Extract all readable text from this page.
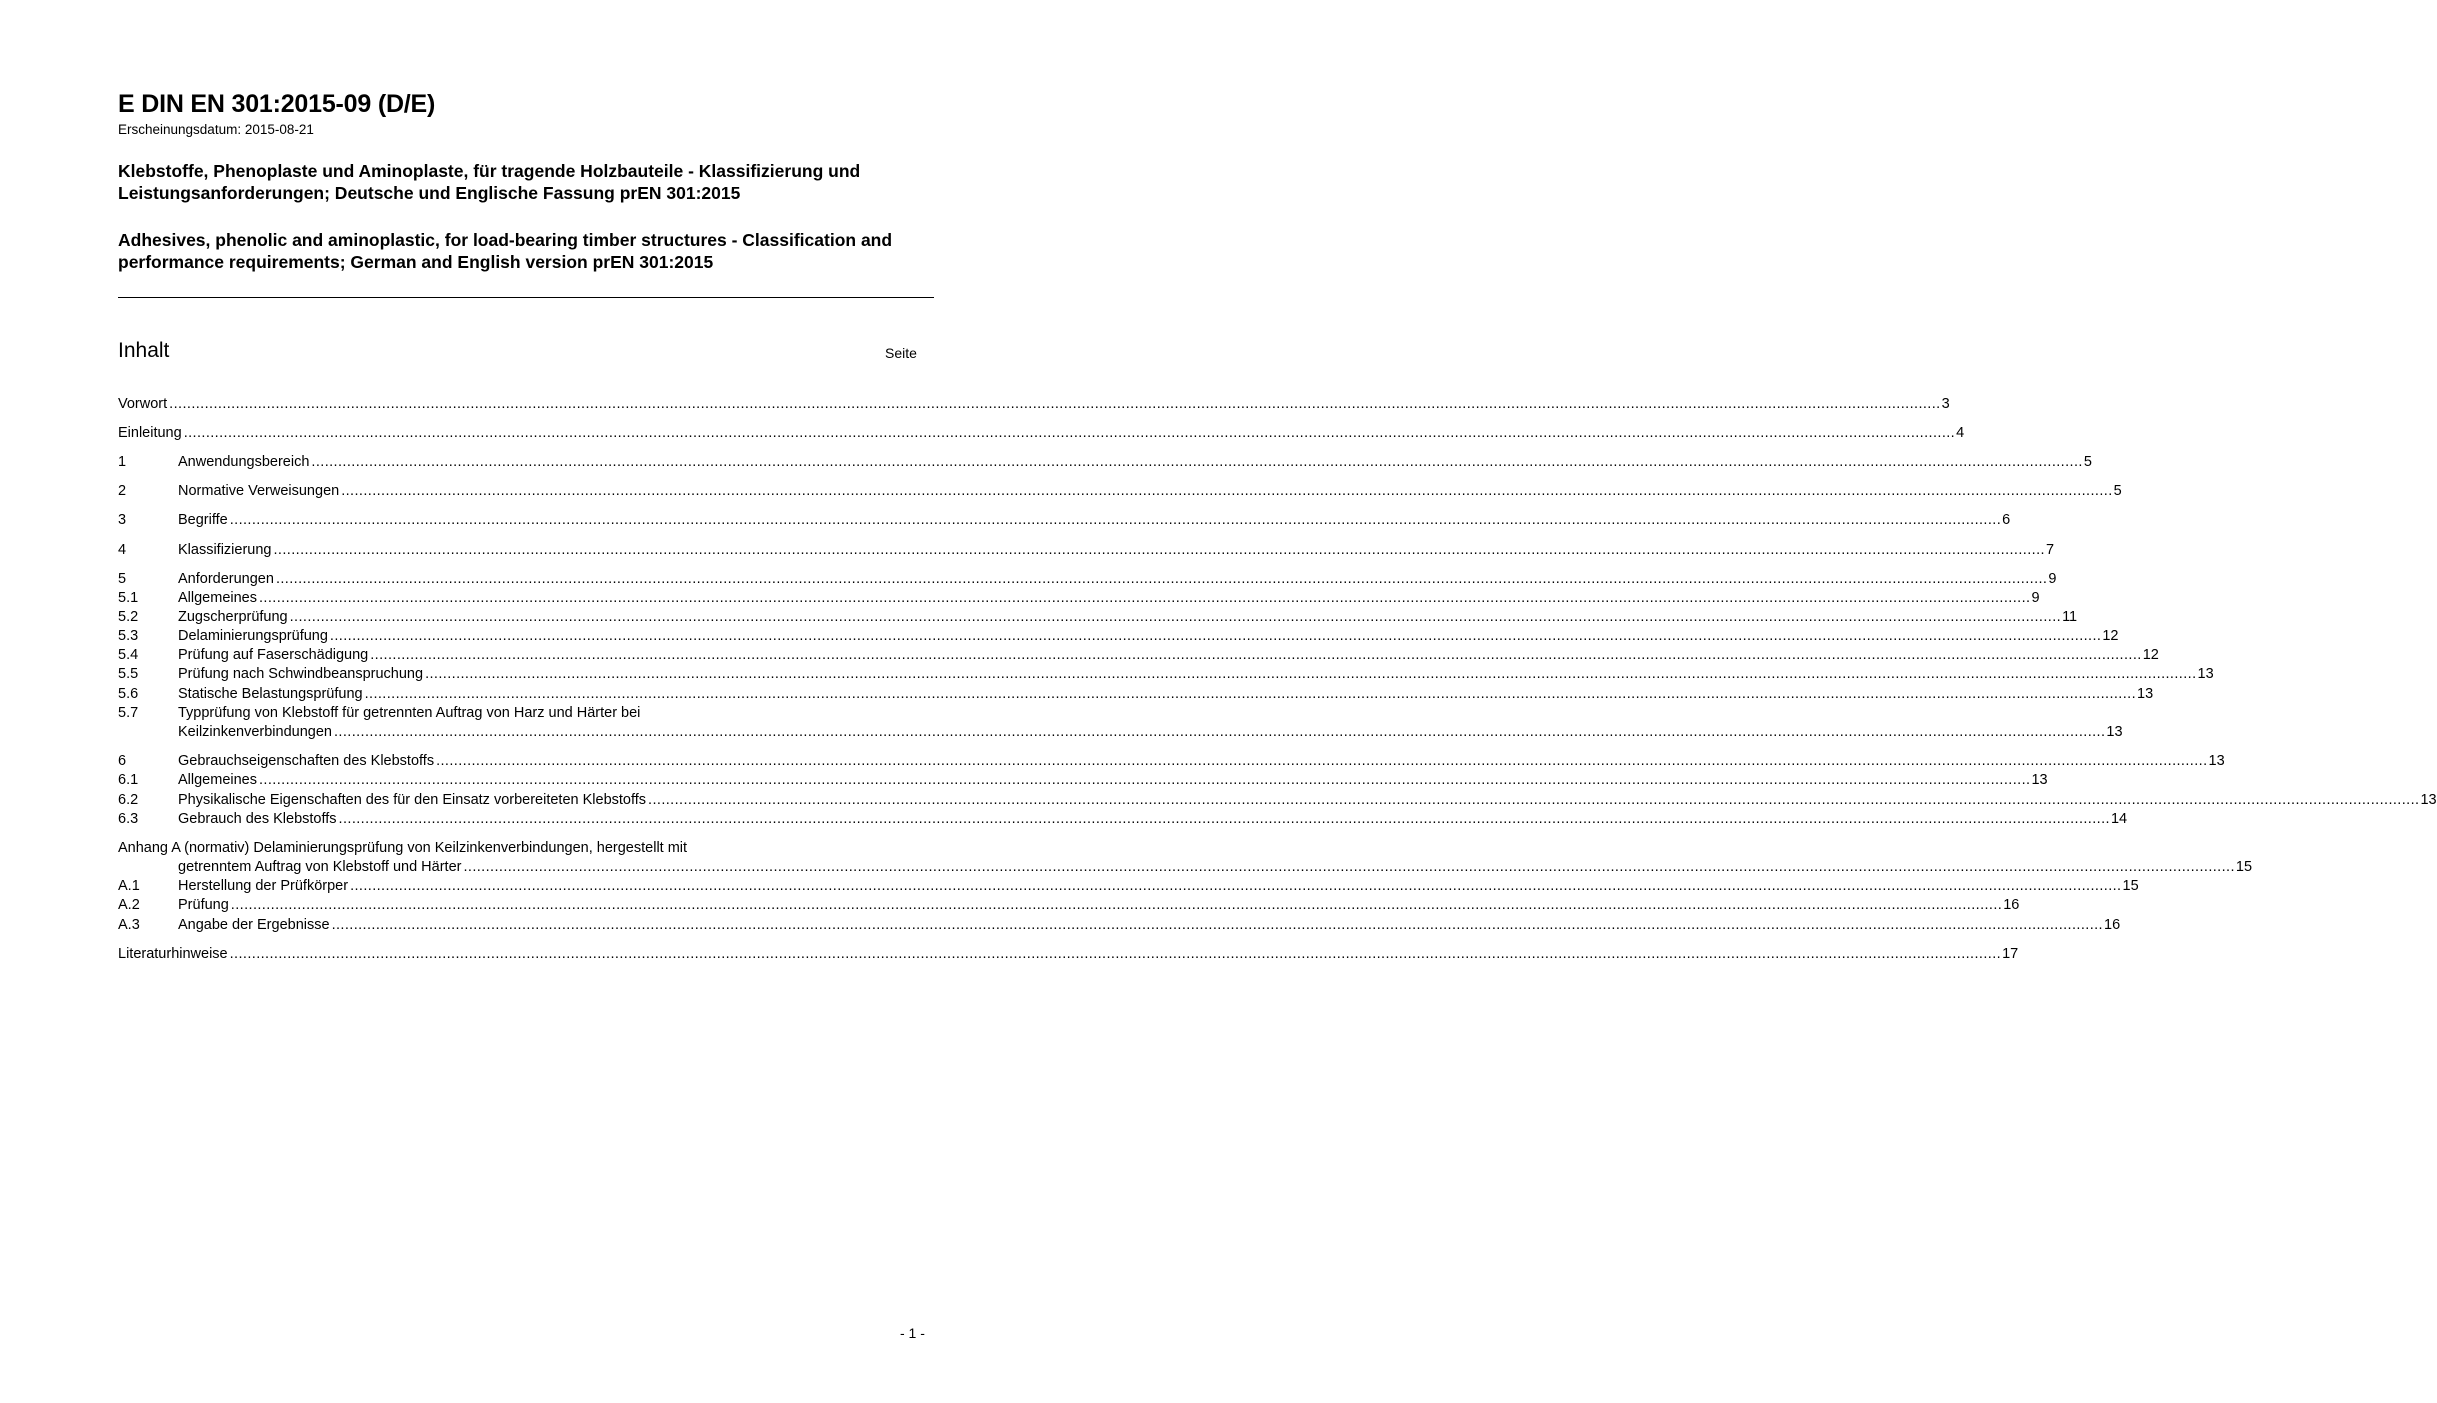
E DIN EN 301:2015-09 (D/E)
Erscheinungsdatum: 2015-08-21
Klebstoffe, Phenoplaste und Aminoplaste, für tragende Holzbauteile - Klassifizierung und Leistungsanforderungen; Deutsche und Englische Fassung prEN 301:2015
Adhesives, phenolic and aminoplastic, for load-bearing timber structures - Classification and performance requirements; German and English version prEN 301:2015
Inhalt	Seite
Vorwort ................................................................................................................................................................................................................................................................................................................................................................................................................ 3
Einleitung ................................................................................................................................................................................................................................................................................................................................................................................................................ 4
1	Anwendungsbereich ................................................................................................................................................................................................................................................................................................................................................................................................................ 5
2	Normative Verweisungen ................................................................................................................................................................................................................................................................................................................................................................................................................ 5
3	Begriffe ................................................................................................................................................................................................................................................................................................................................................................................................................ 6
4	Klassifizierung ................................................................................................................................................................................................................................................................................................................................................................................................................ 7
5	Anforderungen ................................................................................................................................................................................................................................................................................................................................................................................................................ 9
5.1	Allgemeines ................................................................................................................................................................................................................................................................................................................................................................................................................ 9
5.2	Zugscherprüfung ................................................................................................................................................................................................................................................................................................................................................................................................................ 11
5.3	Delaminierungsprüfung ................................................................................................................................................................................................................................................................................................................................................................................................................ 12
5.4	Prüfung auf Faserschädigung ................................................................................................................................................................................................................................................................................................................................................................................................................ 12
5.5	Prüfung nach Schwindbeanspruchung ................................................................................................................................................................................................................................................................................................................................................................................................................ 13
5.6	Statische Belastungsprüfung ................................................................................................................................................................................................................................................................................................................................................................................................................ 13
5.7	Typprüfung von Klebstoff für getrennten Auftrag von Harz und Härter bei
Keilzinkenverbindungen ................................................................................................................................................................................................................................................................................................................................................................................................................ 13
6	Gebrauchseigenschaften des Klebstoffs ................................................................................................................................................................................................................................................................................................................................................................................................................ 13
6.1	Allgemeines ................................................................................................................................................................................................................................................................................................................................................................................................................ 13
6.2	Physikalische Eigenschaften des für den Einsatz vorbereiteten Klebstoffs ................................................................................................................................................................................................................................................................................................................................................................................................................ 13
6.3	Gebrauch des Klebstoffs ................................................................................................................................................................................................................................................................................................................................................................................................................ 14
Anhang A (normativ) Delaminierungsprüfung von Keilzinkenverbindungen, hergestellt mit
getrenntem Auftrag von Klebstoff und Härter ................................................................................................................................................................................................................................................................................................................................................................................................................ 15
A.1	Herstellung der Prüfkörper ................................................................................................................................................................................................................................................................................................................................................................................................................ 15
A.2	Prüfung ................................................................................................................................................................................................................................................................................................................................................................................................................ 16
A.3	Angabe der Ergebnisse ................................................................................................................................................................................................................................................................................................................................................................................................................ 16
Literaturhinweise ................................................................................................................................................................................................................................................................................................................................................................................................................ 17
- 1 -
